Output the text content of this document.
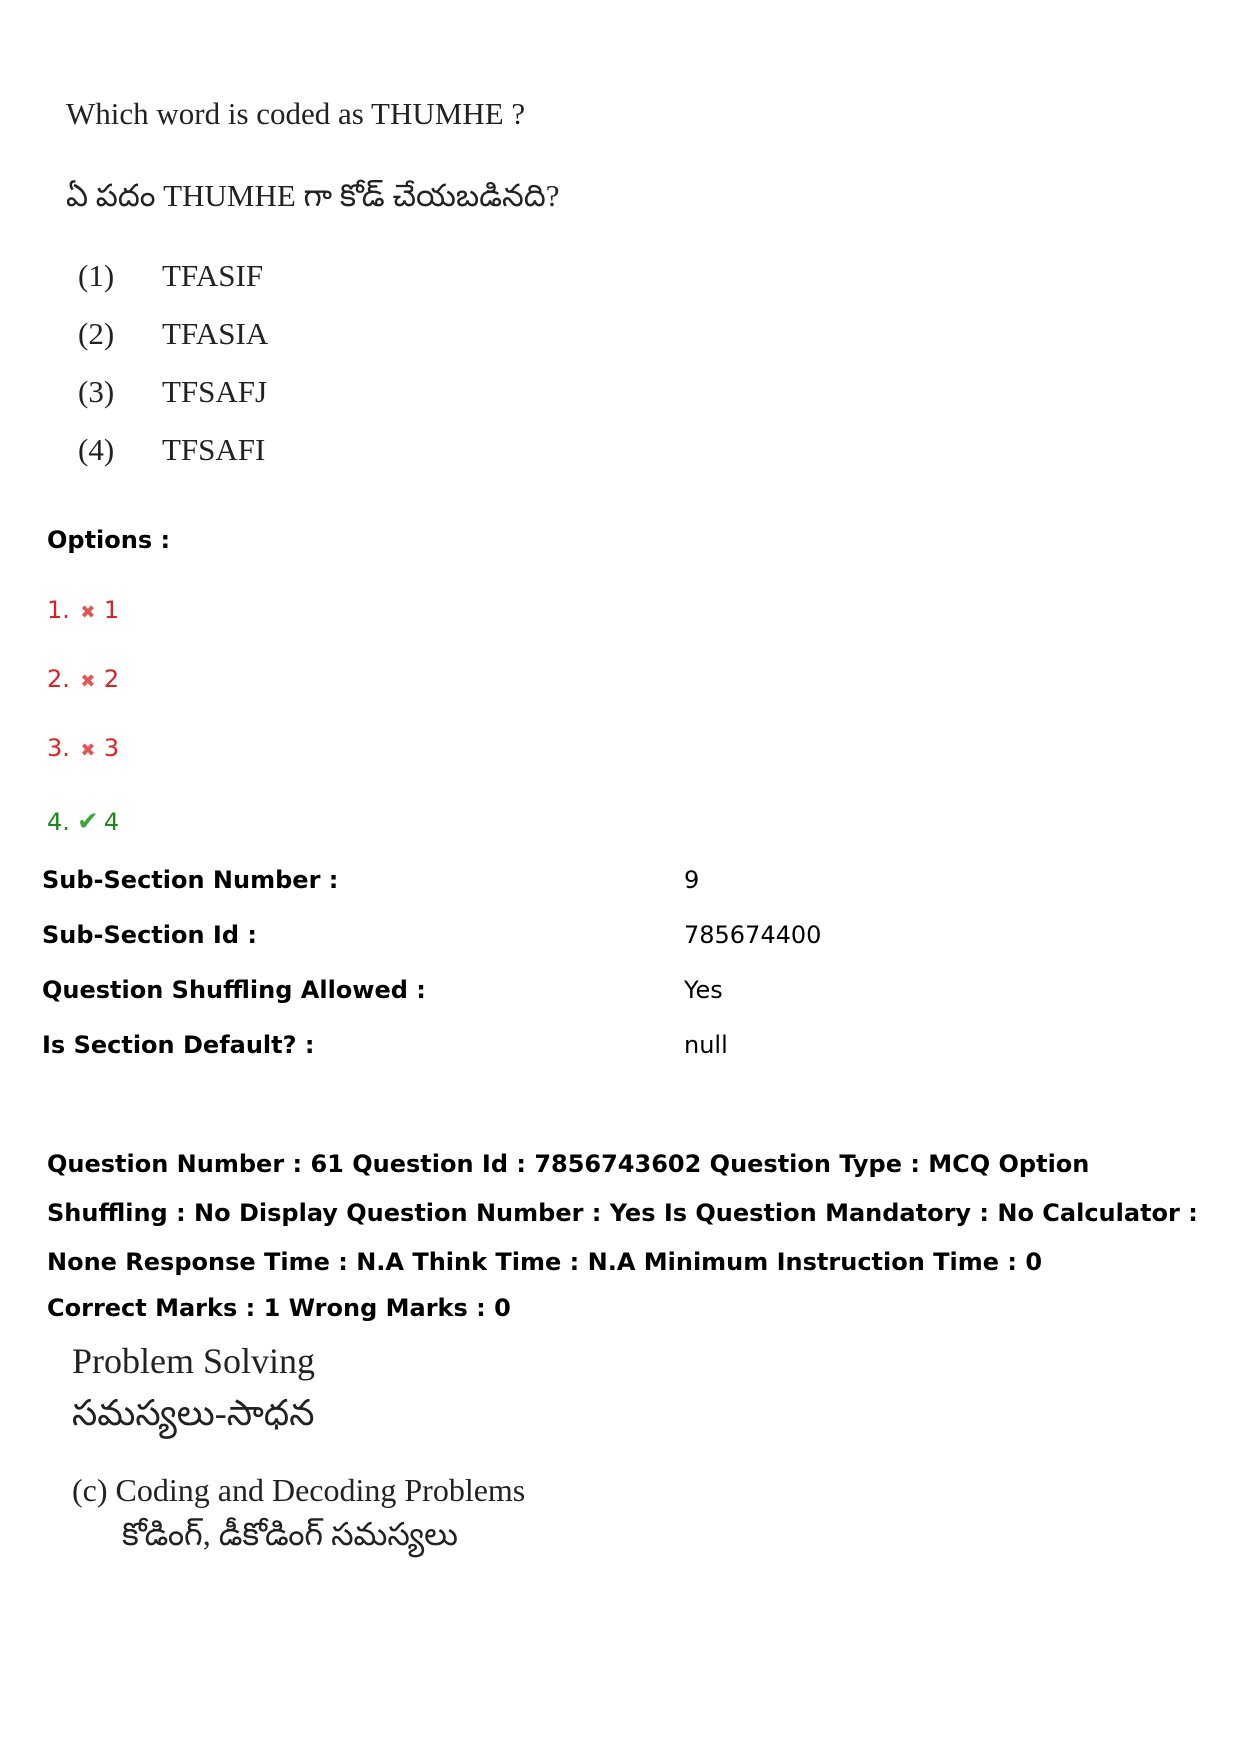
Which word is coded as THUMHE ?
ఏ పదం THUMHE గా కోడ్ చేయబడినది?
(1) TFASIF
(2) TFASIA
(3) TFSAFJ
(4) TFSAFI
Options :
1. ✖ 1
2. ✖ 2
3. ✖ 3
4. ✔ 4
Sub-Section Number :	9
Sub-Section Id :	785674400
Question Shuffling Allowed :	Yes
Is Section Default? :	null
Question Number : 61 Question Id : 7856743602 Question Type : MCQ Option Shuffling : No Display Question Number : Yes Is Question Mandatory : No Calculator : None Response Time : N.A Think Time : N.A Minimum Instruction Time : 0
Correct Marks : 1 Wrong Marks : 0
Problem Solving
సమస్యలు-సాధన
(c) Coding and Decoding Problems
కోడింగ్, డీకోడింగ్ సమస్యలు
